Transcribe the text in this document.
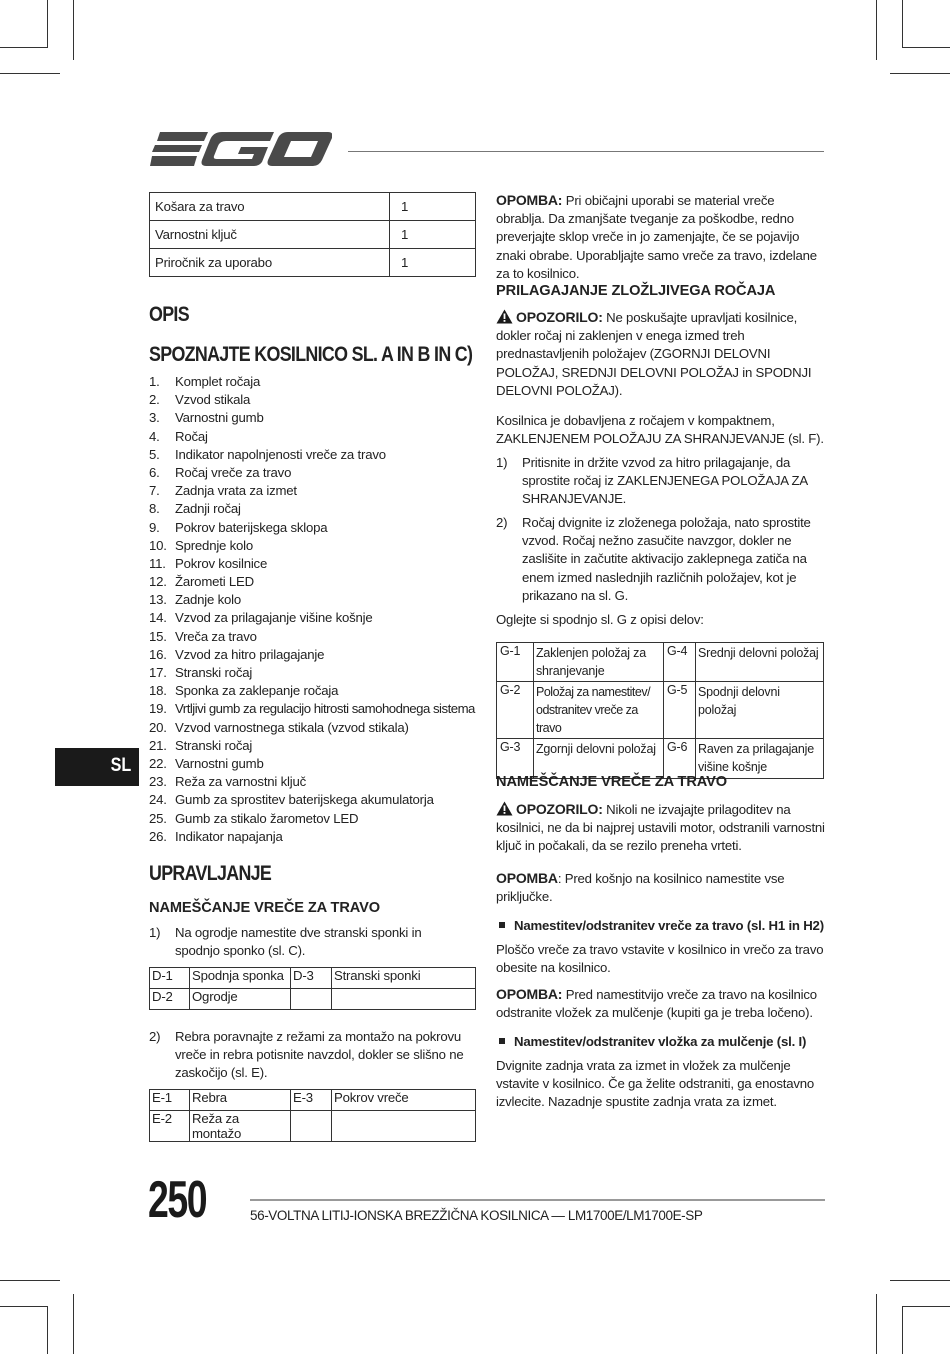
SL
Košara za travo	1
Varnostni ključ	1
Priročnik za uporabo	1
OPIS
SPOZNAJTE KOSILNICO SL. A IN B IN C)
1. Komplet ročaja
2. Vzvod stikala
3. Varnostni gumb
4. Ročaj
5. Indikator napolnjenosti vreče za travo
6. Ročaj vreče za travo
7. Zadnja vrata za izmet
8. Zadnji ročaj
9. Pokrov baterijskega sklopa
10. Sprednje kolo
11. Pokrov kosilnice
12. Žarometi LED
13. Zadnje kolo
14. Vzvod za prilagajanje višine košnje
15. Vreča za travo
16. Vzvod za hitro prilagajanje
17. Stranski ročaj
18. Sponka za zaklepanje ročaja
19. Vrtljivi gumb za regulacijo hitrosti samohodnega sistema
20. Vzvod varnostnega stikala (vzvod stikala)
21. Stranski ročaj
22. Varnostni gumb
23. Reža za varnostni ključ
24. Gumb za sprostitev baterijskega akumulatorja
25. Gumb za stikalo žarometov LED
26. Indikator napajanja
UPRAVLJANJE
NAMEŠČANJE VREČE ZA TRAVO
1)	Na ogrodje namestite dve stranski sponki in spodnjo sponko (sl. C).
D-1	Spodnja sponka	D-3	Stranski sponki
D-2	Ogrodje		
2)	Rebra poravnajte z režami za montažo na pokrovu vreče in rebra potisnite navzdol, dokler se slišno ne zaskočijo (sl. E).
E-1	Rebra	E-3	Pokrov vreče
E-2	Reža za montažo		
OPOMBA: Pri običajni uporabi se material vreče obrablja. Da zmanjšate tveganje za poškodbe, redno preverjajte sklop vreče in jo zamenjajte, če se pojavijo znaki obrabe. Uporabljajte samo vreče za travo, izdelane za to kosilnico.
PRILAGAJANJE ZLOŽLJIVEGA ROČAJA
OPOZORILO: Ne poskušajte upravljati kosilnice, dokler ročaj ni zaklenjen v enega izmed treh prednastavljenih položajev (ZGORNJI DELOVNI POLOŽAJ, SREDNJI DELOVNI POLOŽAJ in SPODNJI DELOVNI POLOŽAJ).
Kosilnica je dobavljena z ročajem v kompaktnem, ZAKLENJENEM POLOŽAJU ZA SHRANJEVANJE (sl. F).
1)	Pritisnite in držite vzvod za hitro prilagajanje, da sprostite ročaj iz ZAKLENJENEGA POLOŽAJA ZA SHRANJEVANJE.
2)	Ročaj dvignite iz zloženega položaja, nato sprostite vzvod. Ročaj nežno zasučite navzgor, dokler ne zaslišite in začutite aktivacijo zaklepnega zatiča na enem izmed naslednjih različnih položajev, kot je prikazano na sl. G.
Oglejte si spodnjo sl. G z opisi delov:
G-1	Zaklenjen položaj za shranjevanje	G-4	Srednji delovni položaj
G-2	Položaj za namestitev/ odstranitev vreče za travo	G-5	Spodnji delovni položaj
G-3	Zgornji delovni položaj	G-6	Raven za prilagajanje višine košnje
NAMEŠČANJE VREČE ZA TRAVO
OPOZORILO: Nikoli ne izvajajte prilagoditev na kosilnici, ne da bi najprej ustavili motor, odstranili varnostni ključ in počakali, da se rezilo preneha vrteti.
OPOMBA: Pred košnjo na kosilnico namestite vse priključke.
Namestitev/odstranitev vreče za travo (sl. H1 in H2)
Ploščo vreče za travo vstavite v kosilnico in vrečo za travo obesite na kosilnico.
OPOMBA: Pred namestitvijo vreče za travo na kosilnico odstranite vložek za mulčenje (kupiti ga je treba ločeno).
Namestitev/odstranitev vložka za mulčenje (sl. I)
Dvignite zadnja vrata za izmet in vložek za mulčenje vstavite v kosilnico. Če ga želite odstraniti, ga enostavno izvlecite. Nazadnje spustite zadnja vrata za izmet.
250	56-VOLTNA LITIJ-IONSKA BREZŽIČNA KOSILNICA — LM1700E/LM1700E-SP
